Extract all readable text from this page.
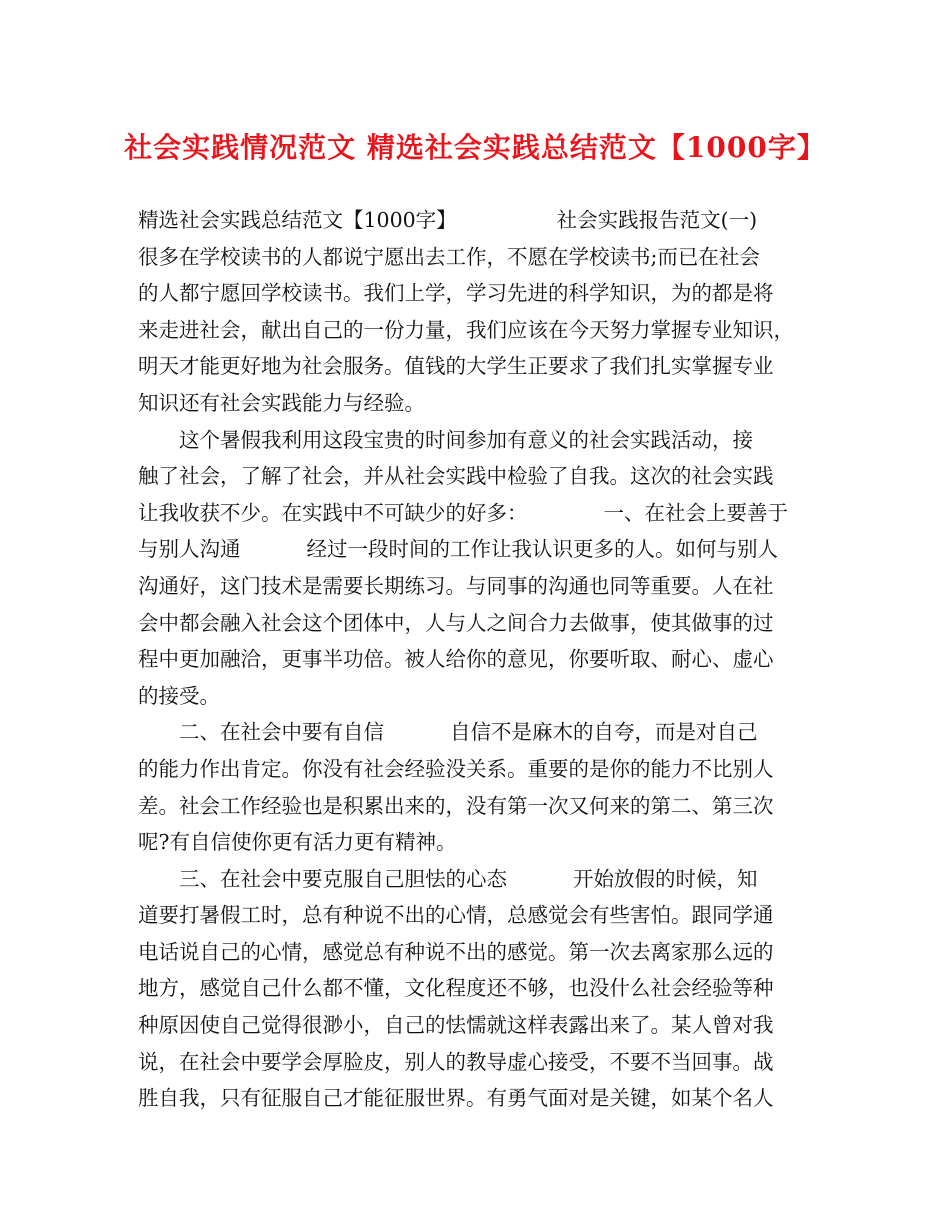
社会实践情况范文 精选社会实践总结范文【1000字】
精选社会实践总结范文【1000字】	社会实践报告范文(一)
很多在学校读书的人都说宁愿出去工作，不愿在学校读书;而已在社会
的人都宁愿回学校读书。我们上学，学习先进的科学知识，为的都是将
来走进社会，献出自己的一份力量，我们应该在今天努力掌握专业知识，
明天才能更好地为社会服务。值钱的大学生正要求了我们扎实掌握专业
知识还有社会实践能力与经验。
这个暑假我利用这段宝贵的时间参加有意义的社会实践活动，接
触了社会，了解了社会，并从社会实践中检验了自我。这次的社会实践
让我收获不少。在实践中不可缺少的好多：	一、在社会上要善于
与别人沟通	经过一段时间的工作让我认识更多的人。如何与别人
沟通好，这门技术是需要长期练习。与同事的沟通也同等重要。人在社
会中都会融入社会这个团体中，人与人之间合力去做事，使其做事的过
程中更加融洽，更事半功倍。被人给你的意见，你要听取、耐心、虚心
的接受。
二、在社会中要有自信	自信不是麻木的自夸，而是对自己
的能力作出肯定。你没有社会经验没关系。重要的是你的能力不比别人
差。社会工作经验也是积累出来的，没有第一次又何来的第二、第三次
呢?有自信使你更有活力更有精神。
三、在社会中要克服自己胆怯的心态	开始放假的时候，知
道要打暑假工时，总有种说不出的心情，总感觉会有些害怕。跟同学通
电话说自己的心情，感觉总有种说不出的感觉。第一次去离家那么远的
地方，感觉自己什么都不懂，文化程度还不够，也没什么社会经验等种
种原因使自己觉得很渺小，自己的怯懦就这样表露出来了。某人曾对我
说，在社会中要学会厚脸皮，别人的教导虚心接受，不要不当回事。战
胜自我，只有征服自己才能征服世界。有勇气面对是关键，如某个名人
